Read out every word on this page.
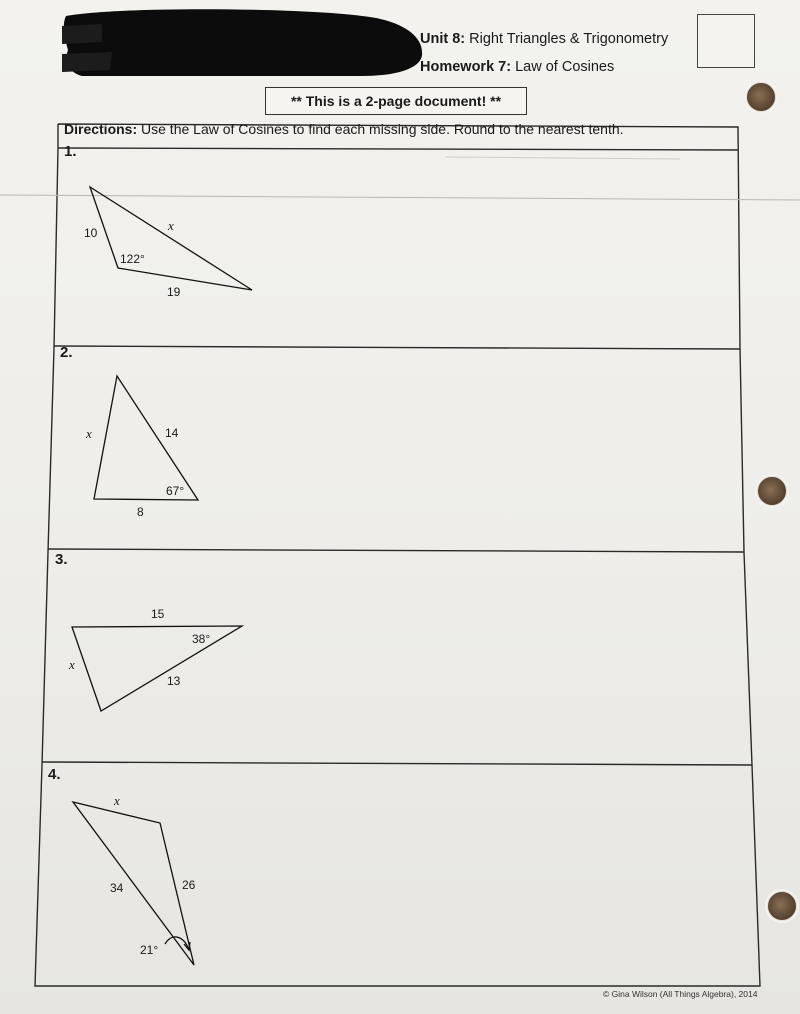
Unit 8: Right Triangles & Trigonometry
Homework 7: Law of Cosines
** This is a 2-page document! **
Directions: Use the Law of Cosines to find each missing side. Round to the nearest tenth.
1.
2.
3.
4.
10	x
122°
19
x	14
67°
8
15
38°
x
13
x
34	26
21°
© Gina Wilson (All Things Algebra), 2014
